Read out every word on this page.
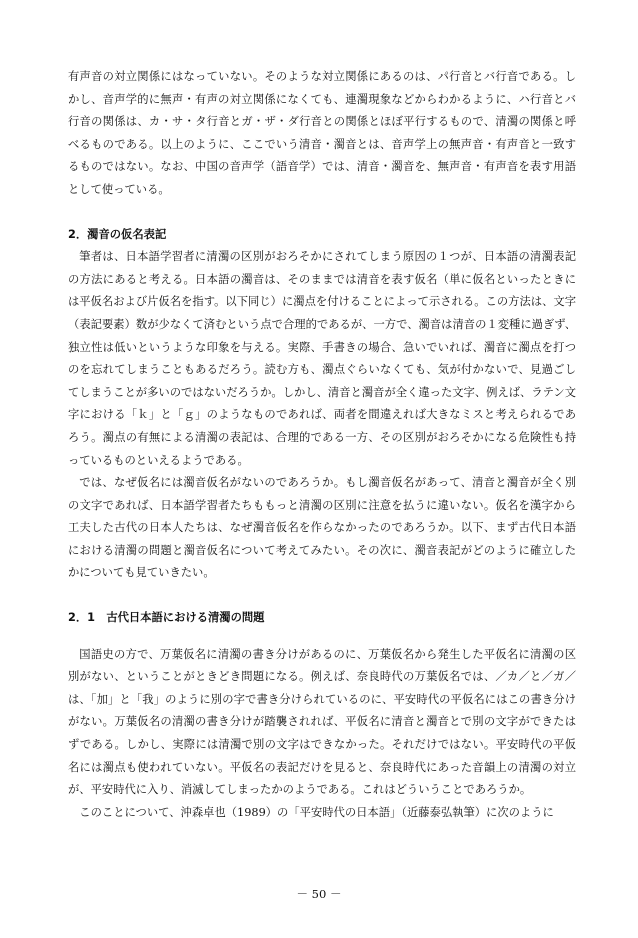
有声音の対立関係にはなっていない。そのような対立関係にあるのは、パ行音とバ行音である。しかし、音声学的に無声・有声の対立関係になくても、連濁現象などからわかるように、ハ行音とバ行音の関係は、カ・サ・タ行音とガ・ザ・ダ行音との関係とほぼ平行するもので、清濁の関係と呼べるものである。以上のように、ここでいう清音・濁音とは、音声学上の無声音・有声音と一致するものではない。なお、中国の音声学（語音学）では、清音・濁音を、無声音・有声音を表す用語として使っている。

2．濁音の仮名表記

筆者は、日本語学習者に清濁の区別がおろそかにされてしまう原因の１つが、日本語の清濁表記の方法にあると考える。日本語の濁音は、そのままでは清音を表す仮名（単に仮名といったときには平仮名および片仮名を指す。以下同じ）に濁点を付けることによって示される。この方法は、文字（表記要素）数が少なくて済むという点で合理的であるが、一方で、濁音は清音の１変種に過ぎず、独立性は低いというような印象を与える。実際、手書きの場合、急いでいれば、濁音に濁点を打つのを忘れてしまうこともあるだろう。読む方も、濁点ぐらいなくても、気が付かないで、見過ごしてしまうことが多いのではないだろうか。しかし、清音と濁音が全く違った文字、例えば、ラテン文字における「ｋ」と「ｇ」のようなものであれば、両者を間違えれば大きなミスと考えられるであろう。濁点の有無による清濁の表記は、合理的である一方、その区別がおろそかになる危険性も持っているものといえるようである。

では、なぜ仮名には濁音仮名がないのであろうか。もし濁音仮名があって、清音と濁音が全く別の文字であれば、日本語学習者たちももっと清濁の区別に注意を払うに違いない。仮名を漢字から工夫した古代の日本人たちは、なぜ濁音仮名を作らなかったのであろうか。以下、まず古代日本語における清濁の問題と濁音仮名について考えてみたい。その次に、濁音表記がどのように確立したかについても見ていきたい。

2．1　古代日本語における清濁の問題

国語史の方で、万葉仮名に清濁の書き分けがあるのに、万葉仮名から発生した平仮名に清濁の区別がない、ということがときどき問題になる。例えば、奈良時代の万葉仮名では、／カ／と／ガ／は、「加」と「我」のように別の字で書き分けられているのに、平安時代の平仮名にはこの書き分けがない。万葉仮名の清濁の書き分けが踏襲されれば、平仮名に清音と濁音とで別の文字ができたはずである。しかし、実際には清濁で別の文字はできなかった。それだけではない。平安時代の平仮名には濁点も使われていない。平仮名の表記だけを見ると、奈良時代にあった音韻上の清濁の対立が、平安時代に入り、消滅してしまったかのようである。これはどういうことであろうか。

このことについて、沖森卓也（1989）の「平安時代の日本語」（近藤泰弘執筆）に次のように

－ 50 －
